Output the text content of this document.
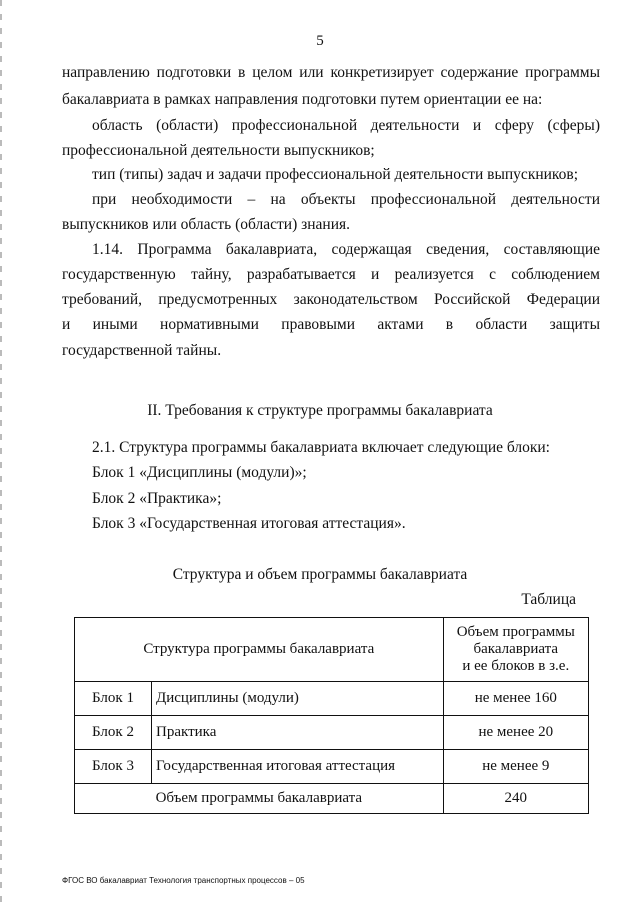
5
направлению подготовки в целом или конкретизирует содержание программы
бакалавриата в рамках направления подготовки путем ориентации ее на:
область (области) профессиональной деятельности и сферу (сферы)
профессиональной деятельности выпускников;
тип (типы) задач и задачи профессиональной деятельности выпускников;
при необходимости – на объекты профессиональной деятельности
выпускников или область (области) знания.
1.14. Программа бакалавриата, содержащая сведения, составляющие
государственную тайну, разрабатывается и реализуется с соблюдением
требований, предусмотренных законодательством Российской Федерации
и иными нормативными правовыми актами в области защиты
государственной тайны.
2.1. Структура программы бакалавриата включает следующие блоки:
Блок 1 «Дисциплины (модули)»;
Блок 2 «Практика»;
Блок 3 «Государственная итоговая аттестация».
II. Требования к структуре программы бакалавриата
Структура и объем программы бакалавриата
Таблица
Структура программы бакалавриата		Объем программы
бакалавриата
и ее блоков в з.е.

Блок 1	Дисциплины (модули)	не менее 160
Блок 2	Практика	не менее 20
Блок 3	Государственная итоговая аттестация	не менее 9
Объем программы бакалавриата		240
ФГОС ВО бакалавриат Технология транспортных процессов – 05
